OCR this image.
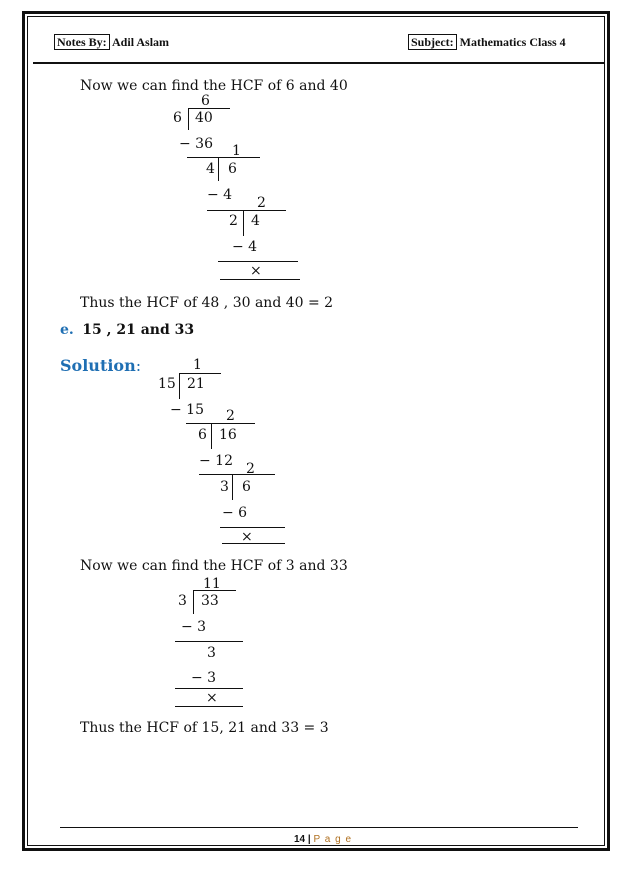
Notes By: Adil Aslam	Subject: Mathematics Class 4
Now we can find the HCF of 6 and 40
6
6 40
− 36 1
4 6
− 4 2
2 4
− 4
×
Thus the HCF of 48 , 30 and 40 = 2
e. 15 , 21 and 33
Solution:	1
15 21
− 15 2
6 16
− 12 2
3 6
− 6
×
Now we can find the HCF of 3 and 33
11
3 33
− 3
3
− 3
×
Thus the HCF of 15, 21 and 33 = 3
14 | P a g e
